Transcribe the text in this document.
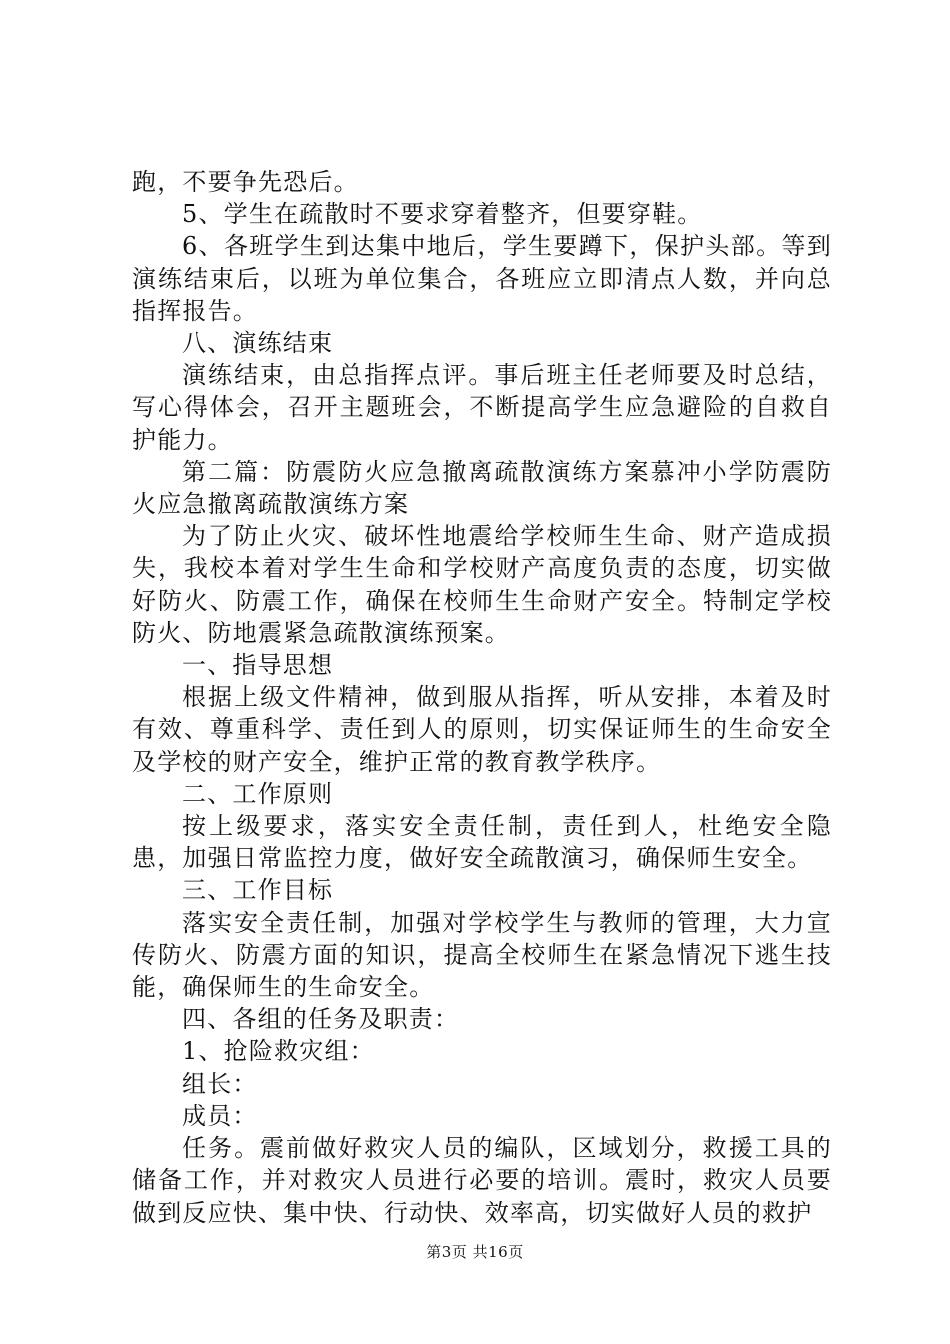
跑，不要争先恐后。

5、学生在疏散时不要求穿着整齐，但要穿鞋。

6、各班学生到达集中地后，学生要蹲下，保护头部。等到演练结束后，以班为单位集合，各班应立即清点人数，并向总指挥报告。

八、演练结束

演练结束，由总指挥点评。事后班主任老师要及时总结，写心得体会，召开主题班会，不断提高学生应急避险的自救自护能力。

第二篇：防震防火应急撤离疏散演练方案慕冲小学防震防火应急撤离疏散演练方案

为了防止火灾、破坏性地震给学校师生生命、财产造成损失，我校本着对学生生命和学校财产高度负责的态度，切实做好防火、防震工作，确保在校师生生命财产安全。特制定学校防火、防地震紧急疏散演练预案。

一、指导思想

根据上级文件精神，做到服从指挥，听从安排，本着及时有效、尊重科学、责任到人的原则，切实保证师生的生命安全及学校的财产安全，维护正常的教育教学秩序。

二、工作原则

按上级要求，落实安全责任制，责任到人，杜绝安全隐患，加强日常监控力度，做好安全疏散演习，确保师生安全。

三、工作目标

落实安全责任制，加强对学校学生与教师的管理，大力宣传防火、防震方面的知识，提高全校师生在紧急情况下逃生技能，确保师生的生命安全。

四、各组的任务及职责：

1、抢险救灾组：

组长：

成员：

任务。震前做好救灾人员的编队，区域划分，救援工具的储备工作，并对救灾人员进行必要的培训。震时，救灾人员要做到反应快、集中快、行动快、效率高，切实做好人员的救护

第3页 共16页
